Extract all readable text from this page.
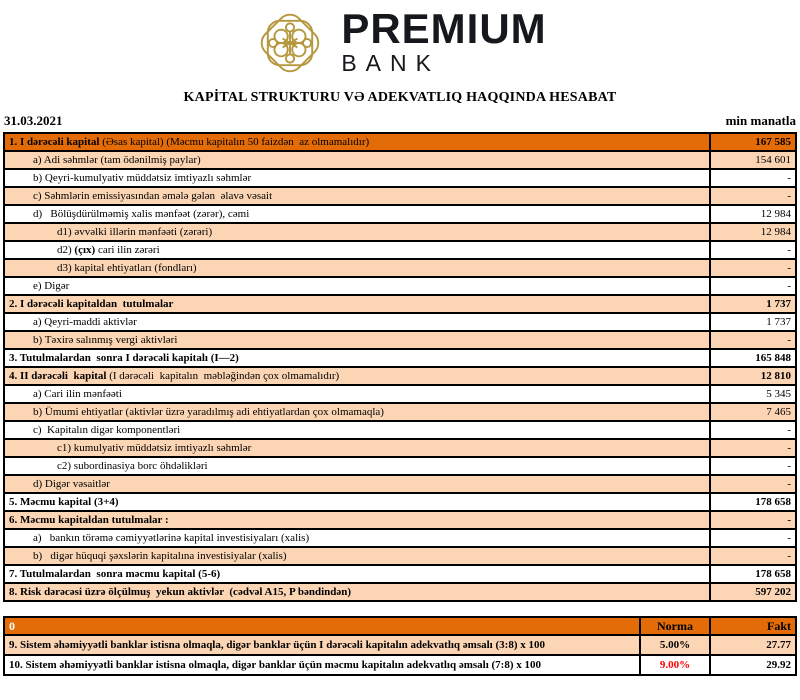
PREMIUM
BANK
KAPİTAL STRUKTURU VƏ ADEKVATLIQ HAQQINDA HESABAT
31.03.2021	min manatla
1. I dərəcəli kapital (Əsas kapital) (Məcmu kapitalın 50 faizdən  az olmamalıdır)	167 585
a) Adi səhmlər (tam ödənilmiş paylar)	154 601
b) Qeyri-kumulyativ müddətsiz imtiyazlı səhmlər	-
c) Səhmlərin emissiyasından əmələ gələn  əlavə vəsait	-
d)   Bölüşdürülməmiş xalis mənfəət (zərər), cəmi	12 984
d1) əvvəlki illərin mənfəəti (zərəri)	12 984
d2) (çıx) cari ilin zərəri	-
d3) kapital ehtiyatları (fondları)	-
e) Digər	-
2. I dərəcəli kapitaldan  tutulmalar	1 737
a) Qeyri-maddi aktivlər	1 737
b) Təxirə salınmış vergi aktivləri	-
3. Tutulmalardan  sonra I dərəcəli kapitalı (I—2)	165 848
4. II dərəcəli  kapital (I dərəcəli  kapitalın  məbləğindən çox olmamalıdır)	12 810
a) Cari ilin mənfəəti	5 345
b) Ümumi ehtiyatlar (aktivlər üzrə yaradılmış adi ehtiyatlardan çox olmamaqla)	7 465
c)  Kapitalın digər komponentləri	-
c1) kumulyativ müddətsiz imtiyazlı səhmlər	-
c2) subordinasiya borc öhdəlikləri	-
d) Digər vəsaitlər	-
5. Məcmu kapital (3+4)	178 658
6. Məcmu kapitaldan tutulmalar :	-
a)   bankın törəmə cəmiyyətlərinə kapital investisiyaları (xalis)	-
b)   digər hüquqi şəxslərin kapitalına investisiyalar (xalis)	-
7. Tutulmalardan  sonra məcmu kapital (5-6)	178 658
8. Risk dərəcəsi üzrə ölçülmuş  yekun aktivlər  (cədvəl A15, P bəndindən)	597 202
0	Norma	Fakt
9. Sistem əhəmiyyətli banklar istisna olmaqla, digər banklar üçün I dərəcəli kapitalın adekvatlıq əmsalı (3:8) x 100	5.00%	27.77
10. Sistem əhəmiyyətli banklar istisna olmaqla, digər banklar üçün məcmu kapitalın adekvatlıq əmsalı (7:8) x 100	9.00%	29.92
